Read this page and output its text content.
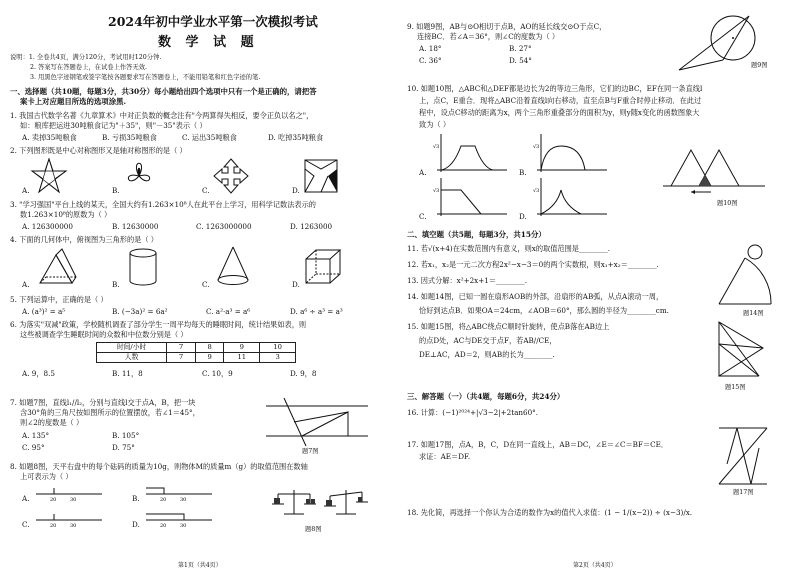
2024年初中学业水平第一次模拟考试
数 学 试 题
说明：1. 全卷共4页，满分120分，考试用时120分钟.
2. 答案写在答题卷上，在试卷上作答无效.
3. 用黑色字迹钢笔或签字笔按各题要求写在答题卷上，不能用铅笔和红色字迹的笔.
一、选择题（共10题，每题3分，共30分）每小题给出四个选项中只有一个是正确的，请把答
案卡上对应题目所选的选项涂黑.
1. 我国古代数学名著《九章算术》中对正负数的概念注有"今两算得失相反，要令正负以名之"，
如：粮库把运进30吨粮食记为"＋35"，则"－35"表示（ ）
A. 卖掉35吨粮食	B. 亏损35吨粮食	C. 运出35吨粮食	D. 吃掉35吨粮食
2. 下列图形既是中心对称图形又是轴对称图形的是（ ）
A.	B.	C.	D.
3. "学习强国"平台上线的某天，全国大约有1.263×10⁸人在此平台上学习，用科学记数法表示的
数1.263×10⁸的原数为（ ）
A. 126300000	B. 12630000	C. 1263000000	D. 1263000
4. 下面的几何体中，俯视图为三角形的是（ ）
A.	B.	C.	D.
5. 下列运算中，正确的是（ ）
A. (a³)² = a⁵	B. (−3a)² = 6a²	C. a²·a³ = a⁶	D. a⁶ ÷ a³ = a³
6. 为落实"双减"政策，学校随机调查了部分学生一周平均每天的睡眠时间，统计结果如表，则
这些被调查学生睡眠时间的众数和中位数分别是（ ）
时间/小时	7	8	9	10
人数	7	9	11	3
A. 9，8.5	B. 11，8	C. 10，9	D. 9，8
7. 如题7图，直线l₁//l₂，分别与直线l交于点A，B，把一块
含30°角的三角尺按如图所示的位置摆放，若∠1＝45°，
则∠2的度数是（ ）
A. 135°	B. 105°
C. 95°	D. 75°	题7图
8. 如题8图，天平右盘中的每个砝码的质量为10g，则物体M的质量m（g）的取值范围在数轴
上可表示为（ ）
A.	B.
C.	D.
20	30	20	30
20	30	20	30	题8图
第1页（共4页）
9. 如题9图，AB与⊙O相切于点B，AO的延长线交⊙O于点C，
连接BC．若∠A＝36°，则∠C的度数为（ ）
A. 18°	B. 27°
C. 36°	D. 54°
题9图
10. 如题10图，△ABC和△DEF都是边长为2的等边三角形，它们的边BC，EF在同一条直线l
上，点C，E重合．现将△ABC沿着直线l向右移动，直至点B与F重合时停止移动．在此过
程中，设点C移动的距离为x，两个三角形重叠部分的面积为y，则y随x变化的函数图象大
致为（ ）
A.	B.
C.	D.
√3	√3
√3	√3
题10图
二、填空题（共5题，每题3分，共15分）
11. 若√(x+4)在实数范围内有意义，则x的取值范围是________.
12. 若x₁，x₂是一元二次方程2x²−x−3＝0的两个实数根，则x₁+x₂＝________.
13. 因式分解：x²+2x+1＝________.
14. 如题14图，已知一圆在扇形AOB的外部，沿扇形的AB弧，从点A滚动一周，
恰好到达点B．如果OA＝24cm，∠AOB＝60°，那么圆的半径为________cm.	题14图
15. 如题15图，将△ABC绕点C顺时针旋转，使点B落在AB边上
的点D处，AC与DE交于点F，若AB//CE，
DE⊥AC，AD＝2，则AB的长为________.
题15图
三、解答题（一）（共4题，每题6分，共24分）
16. 计算：(−1)²⁰²⁴+|√3−2|+2tan60°.
17. 如题17图，点A，B，C，D在同一直线上，AB＝DC，∠E＝∠C＝BF＝CE．
求证：AE＝DF.
题17图
18. 先化简，再选择一个你认为合适的数作为x的值代入求值：(1 − 1/(x−2)) ÷ (x−3)/x.
第2页（共4页）
